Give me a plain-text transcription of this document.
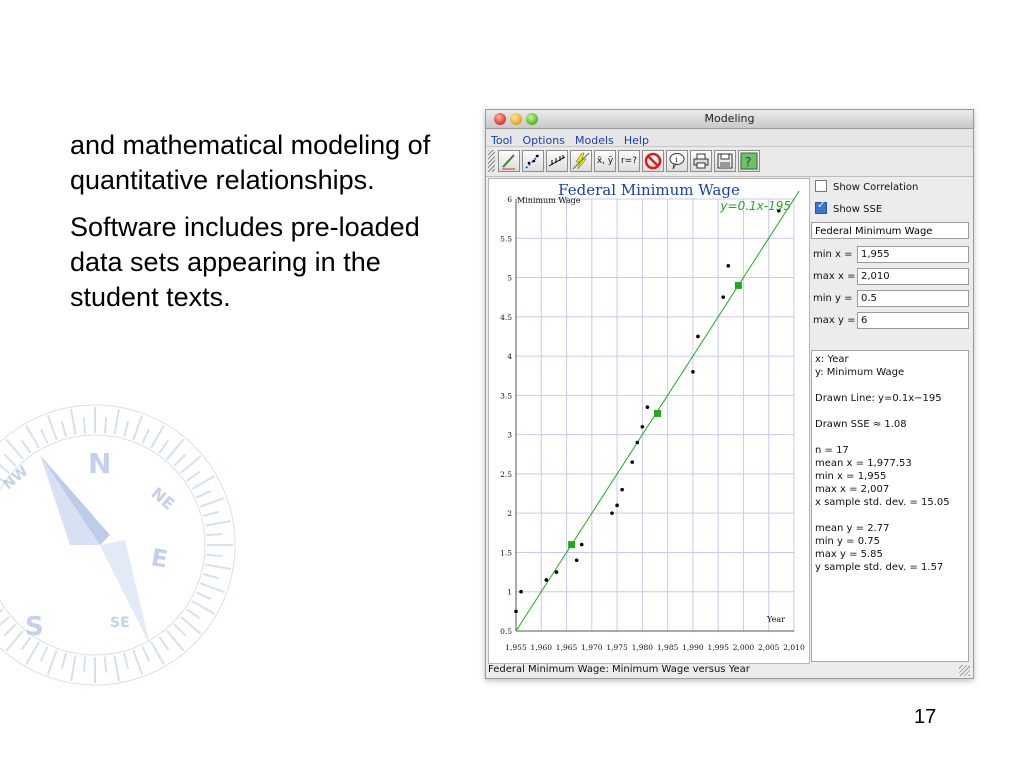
and mathematical modeling of quantitative relationships.

Software includes pre-loaded data sets appearing in the student texts.

N
NE
E
S	SE
NW
17
Modeling
Tool Options Models Help
x̄, ȳ r=?	i	?
1,955 1,960 1,965 1,970 1,975 1,980 1,985 1,990 1,995 2,000 2,005 2,010
0.5
1
1.5
2
2.5
3
3.5
4
4.5
5
5.5
6
Federal Minimum Wage
Minimum Wage
Year
y=0.1x-195
Show Correlation
✓Show SSE
Federal Minimum Wage
min x =
1,955
max x =
2,010
min y =
0.5
max y =
6
x: Year
y: Minimum Wage
Drawn Line: y=0.1x−195
Drawn SSE ≈ 1.08
n = 17
mean x = 1,977.53
min x = 1,955
max x = 2,007
x sample std. dev. = 15.05
mean y = 2.77
min y = 0.75
max y = 5.85
y sample std. dev. = 1.57
Federal Minimum Wage: Minimum Wage versus Year
